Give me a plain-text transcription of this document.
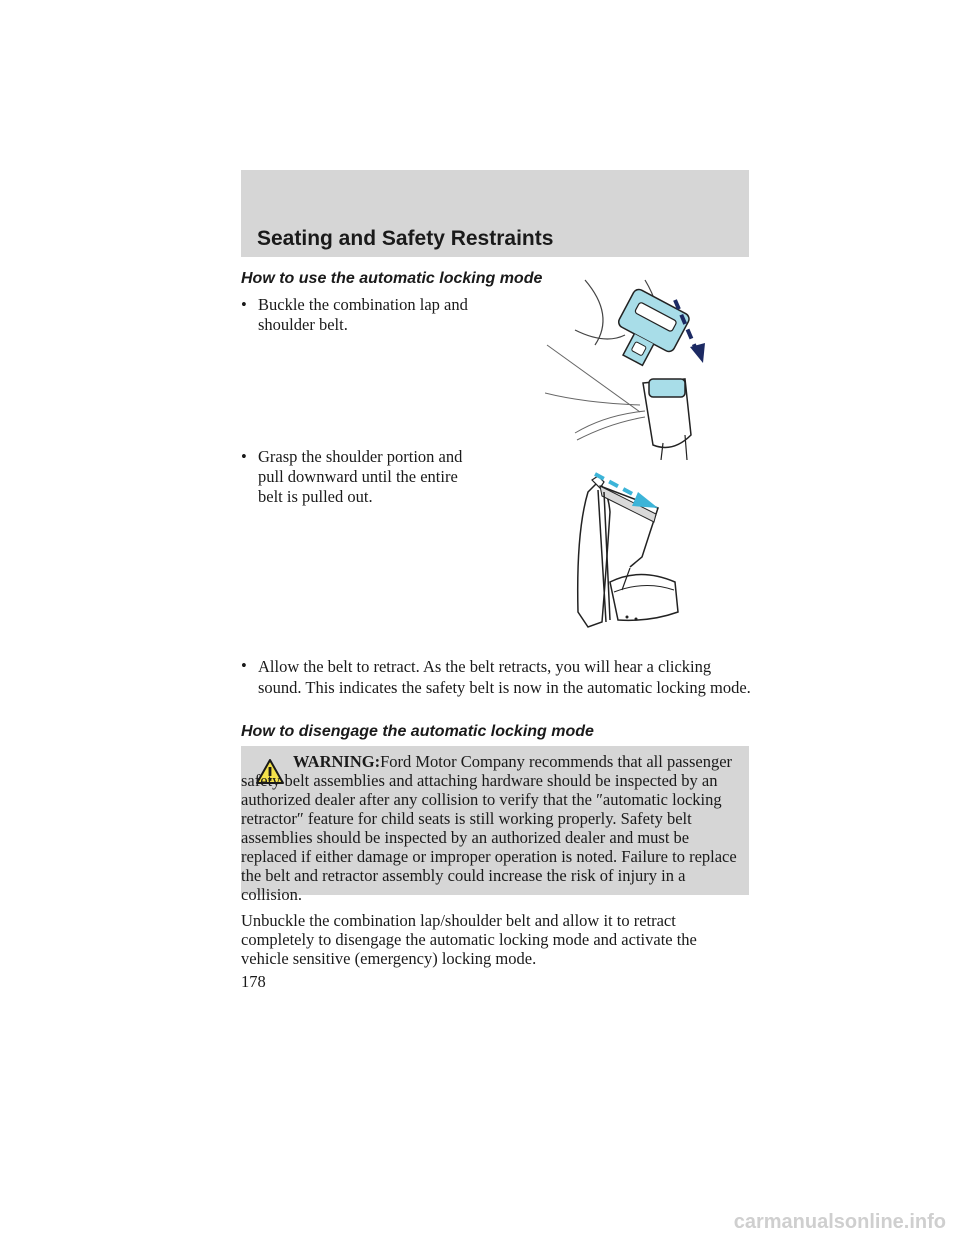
Seating and Safety Restraints
How to use the automatic locking mode
• Buckle the combination lap and
shoulder belt.
• Grasp the shoulder portion and
pull downward until the entire
belt is pulled out.
• Allow the belt to retract. As the belt retracts, you will hear a clicking sound. This indicates the safety belt is now in the automatic locking mode.
How to disengage the automatic locking mode
WARNING:Ford Motor Company recommends that all passenger safety belt assemblies and attaching hardware should be inspected by an authorized dealer after any collision to verify that the ″automatic locking retractor″ feature for child seats is still working properly. Safety belt assemblies should be inspected by an authorized dealer and must be replaced if either damage or improper operation is noted. Failure to replace the belt and retractor assembly could increase the risk of injury in a collision.
Unbuckle the combination lap/shoulder belt and allow it to retract completely to disengage the automatic locking mode and activate the vehicle sensitive (emergency) locking mode.
178
carmanualsonline.info
